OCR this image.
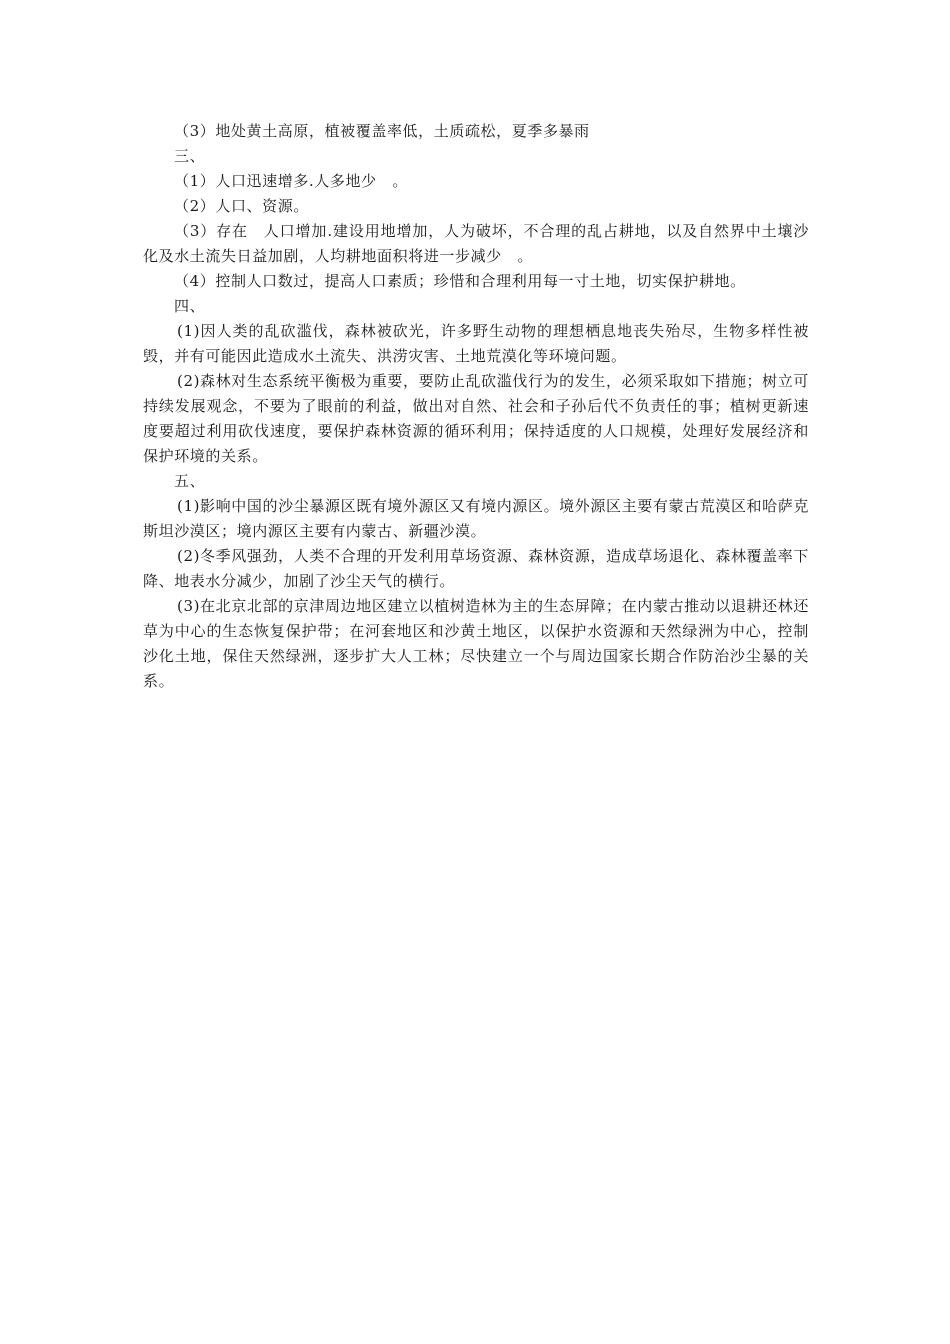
（3）地处黄土高原，植被覆盖率低，土质疏松，夏季多暴雨

三、

（1）人口迅速增多.人多地少　。

（2）人口、资源。

（3）存在　人口增加.建设用地增加，人为破坏，不合理的乱占耕地，以及自然界中土壤沙化及水土流失日益加剧，人均耕地面积将进一步减少　。

（4）控制人口数过，提高人口素质；珍惜和合理利用每一寸土地，切实保护耕地。

四、

(1)因人类的乱砍滥伐，森林被砍光，许多野生动物的理想栖息地丧失殆尽，生物多样性被毁，并有可能因此造成水土流失、洪涝灾害、土地荒漠化等环境问题。

(2)森林对生态系统平衡极为重要，要防止乱砍滥伐行为的发生，必须采取如下措施；树立可持续发展观念，不要为了眼前的利益，做出对自然、社会和子孙后代不负责任的事；植树更新速度要超过利用砍伐速度，要保护森林资源的循环利用；保持适度的人口规模，处理好发展经济和保护环境的关系。

五、

(1)影响中国的沙尘暴源区既有境外源区又有境内源区。境外源区主要有蒙古荒漠区和哈萨克斯坦沙漠区；境内源区主要有内蒙古、新疆沙漠。

(2)冬季风强劲，人类不合理的开发利用草场资源、森林资源，造成草场退化、森林覆盖率下降、地表水分减少，加剧了沙尘天气的横行。

(3)在北京北部的京津周边地区建立以植树造林为主的生态屏障；在内蒙古推动以退耕还林还草为中心的生态恢复保护带；在河套地区和沙黄土地区，以保护水资源和天然绿洲为中心，控制沙化土地，保住天然绿洲，逐步扩大人工林；尽快建立一个与周边国家长期合作防治沙尘暴的关系。
